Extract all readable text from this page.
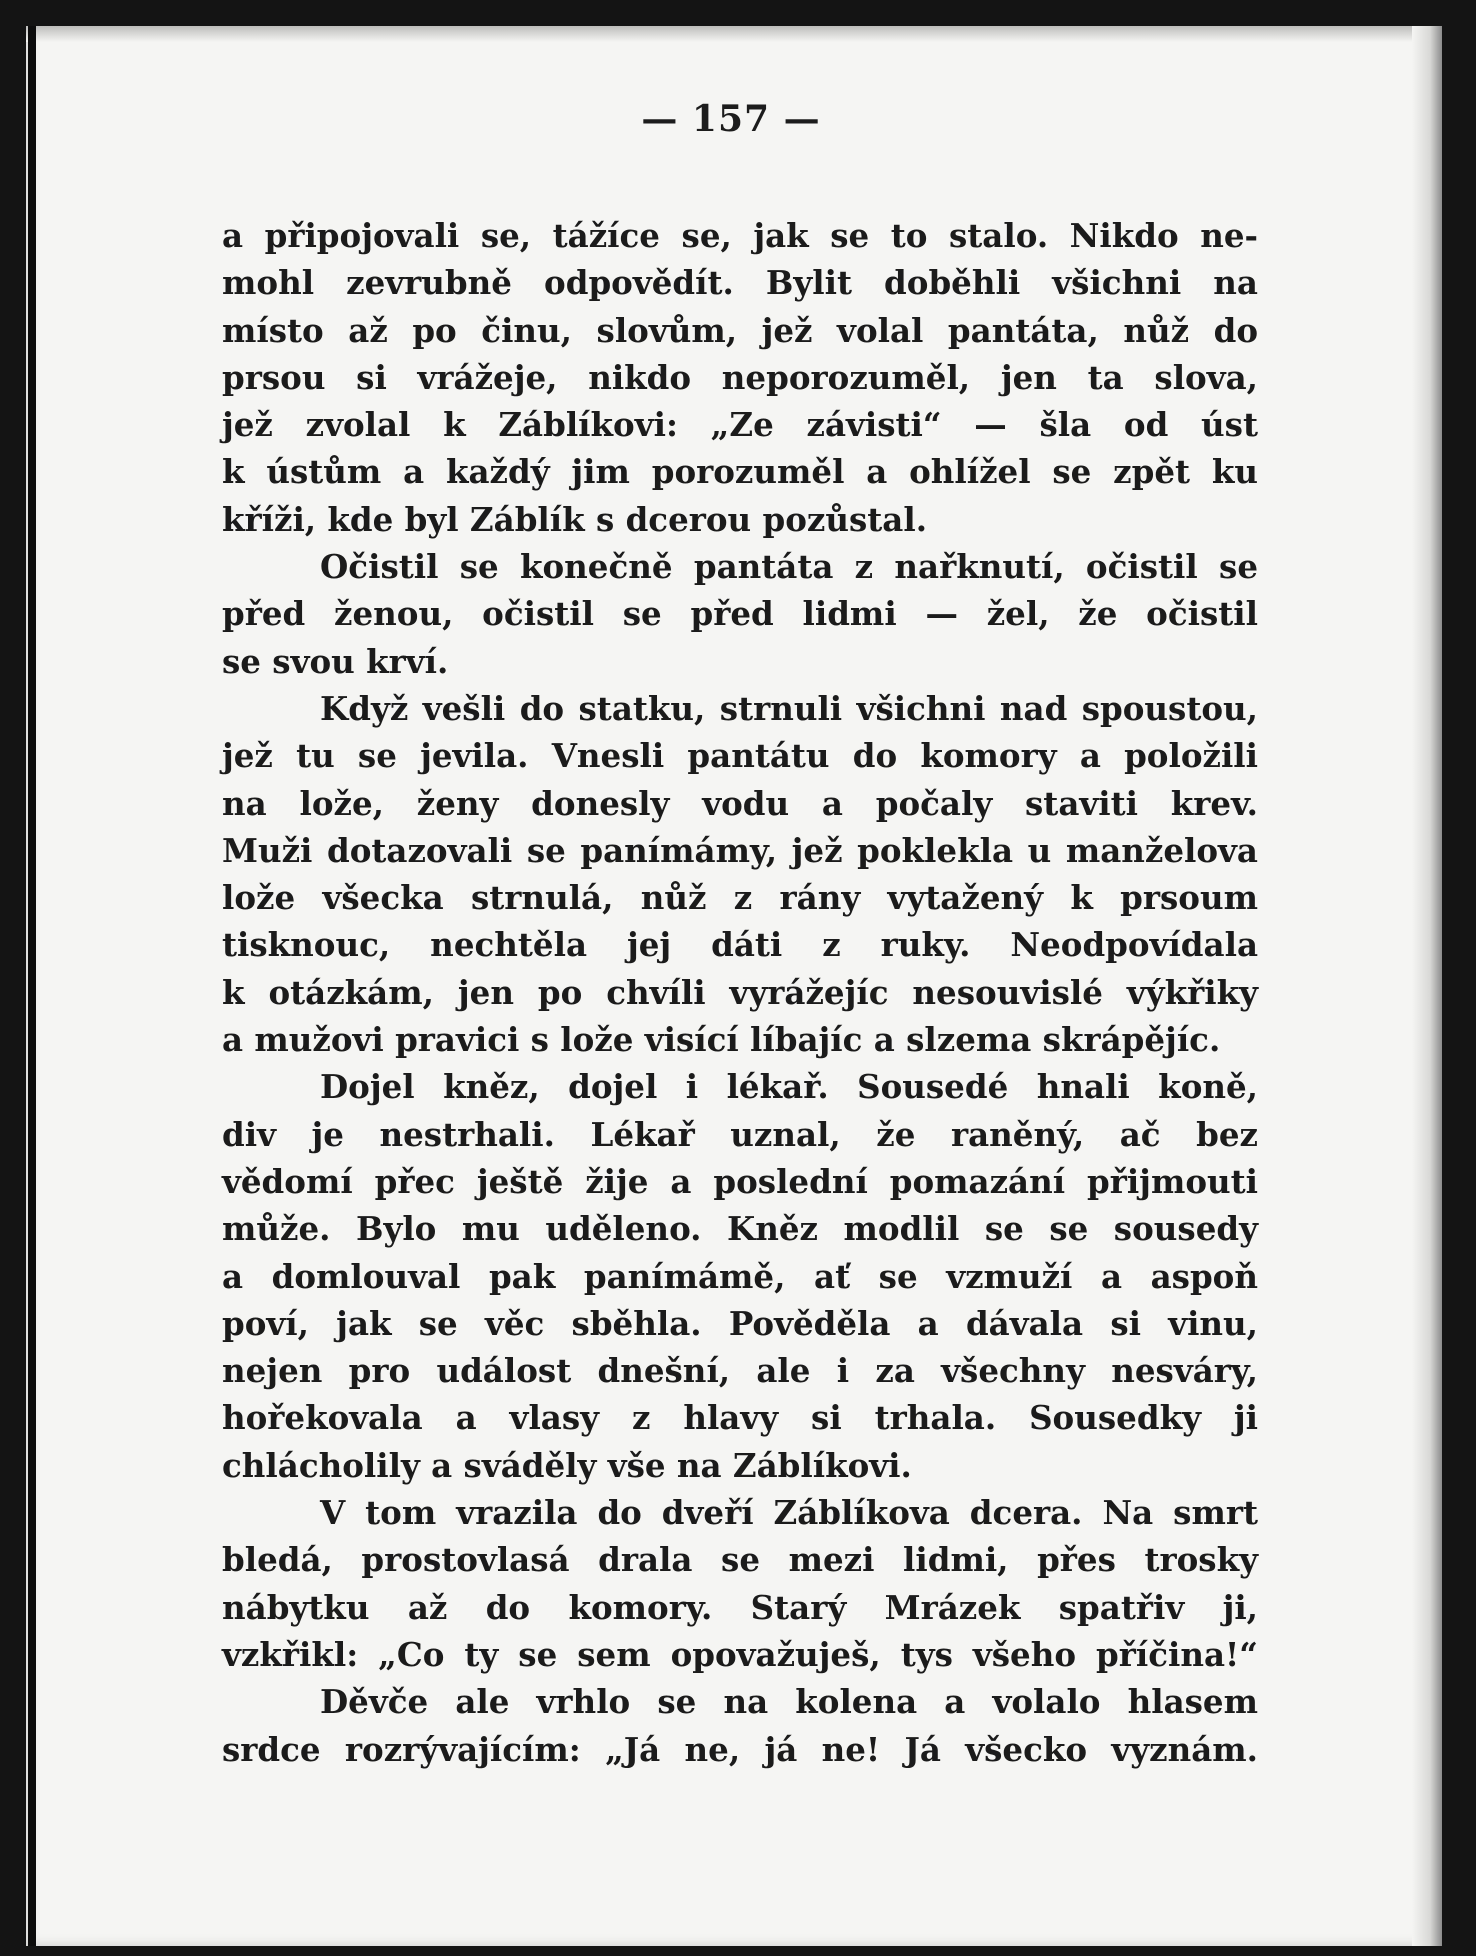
— 157 —
a připojovali se, tážíce se, jak se to stalo. Nikdo ne-
mohl zevrubně odpovědít. Bylit doběhli všichni na
místo až po činu, slovům, jež volal pantáta, nůž do
prsou si vrážeje, nikdo neporozuměl, jen ta slova,
jež zvolal k Záblíkovi: „Ze závisti“ — šla od úst
k ústům a každý jim porozuměl a ohlížel se zpět ku
kříži, kde byl Záblík s dcerou pozůstal.
Očistil se konečně pantáta z nařknutí, očistil se
před ženou, očistil se před lidmi — žel, že očistil
se svou krví.
Když vešli do statku, strnuli všichni nad spoustou,
jež tu se jevila. Vnesli pantátu do komory a položili
na lože, ženy donesly vodu a počaly staviti krev.
Muži dotazovali se panímámy, jež poklekla u manželova
lože všecka strnulá, nůž z rány vytažený k prsoum
tisknouc, nechtěla jej dáti z ruky. Neodpovídala
k otázkám, jen po chvíli vyrážejíc nesouvislé výkřiky
a mužovi pravici s lože visící líbajíc a slzema skrápějíc.
Dojel kněz, dojel i lékař. Sousedé hnali koně,
div je nestrhali. Lékař uznal, že raněný, ač bez
vědomí přec ještě žije a poslední pomazání přijmouti
může. Bylo mu uděleno. Kněz modlil se se sousedy
a domlouval pak panímámě, ať se vzmuží a aspoň
poví, jak se věc sběhla. Pověděla a dávala si vinu,
nejen pro událost dnešní, ale i za všechny nesváry,
hořekovala a vlasy z hlavy si trhala. Sousedky ji
chlácholily a sváděly vše na Záblíkovi.
V tom vrazila do dveří Záblíkova dcera. Na smrt
bledá, prostovlasá drala se mezi lidmi, přes trosky
nábytku až do komory. Starý Mrázek spatřiv ji,
vzkřikl: „Co ty se sem opovažuješ, tys všeho příčina!“
Děvče ale vrhlo se na kolena a volalo hlasem
srdce rozrývajícím: „Já ne, já ne! Já všecko vyznám.
